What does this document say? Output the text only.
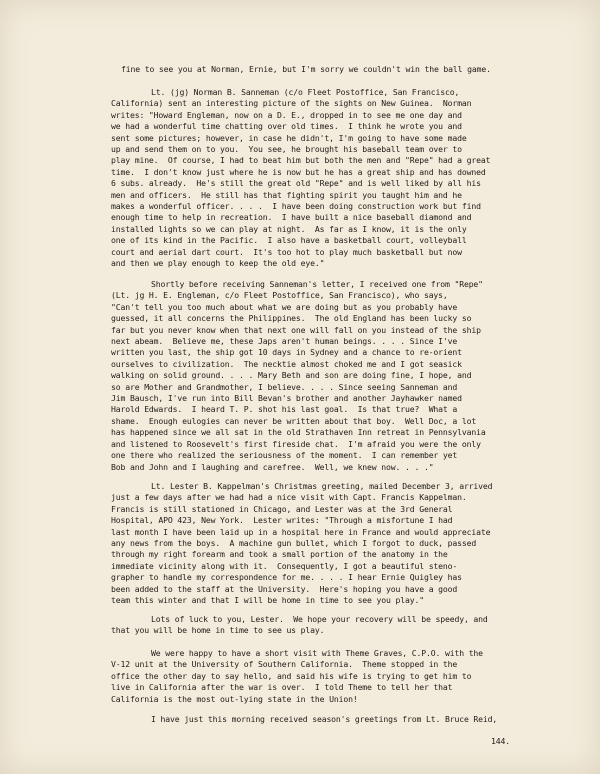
fine to see you at Norman, Ernie, but I'm sorry we couldn't win the ball game.
Lt. (jg) Norman B. Sanneman (c/o Fleet Postoffice, San Francisco,
California) sent an interesting picture of the sights on New Guinea.  Norman
writes: "Howard Engleman, now on a D. E., dropped in to see me one day and
we had a wonderful time chatting over old times.  I think he wrote you and
sent some pictures; however, in case he didn't, I'm going to have some made
up and send them on to you.  You see, he brought his baseball team over to
play mine.  Of course, I had to beat him but both the men and "Repe" had a great
time.  I don't know just where he is now but he has a great ship and has downed
6 subs. already.  He's still the great old "Repe" and is well liked by all his
men and officers.  He still has that fighting spirit you taught him and he
makes a wonderful officer. . . .  I have been doing construction work but find
enough time to help in recreation.  I have built a nice baseball diamond and
installed lights so we can play at night.  As far as I know, it is the only
one of its kind in the Pacific.  I also have a basketball court, volleyball
court and aerial dart court.  It's too hot to play much basketball but now
and then we play enough to keep the old eye."
Shortly before receiving Sanneman's letter, I received one from "Repe"
(Lt. jg H. E. Engleman, c/o Fleet Postoffice, San Francisco), who says,
"Can't tell you too much about what we are doing but as you probably have
guessed, it all concerns the Philippines.  The old England has been lucky so
far but you never know when that next one will fall on you instead of the ship
next abeam.  Believe me, these Japs aren't human beings. . . . Since I've
written you last, the ship got 10 days in Sydney and a chance to re-orient
ourselves to civilization.  The necktie almost choked me and I got seasick
walking on solid ground. . . . Mary Beth and son are doing fine, I hope, and
so are Mother and Grandmother, I believe. . . . Since seeing Sanneman and
Jim Bausch, I've run into Bill Bevan's brother and another Jayhawker named
Harold Edwards.  I heard T. P. shot his last goal.  Is that true?  What a
shame.  Enough eulogies can never be written about that boy.  Well Doc, a lot
has happened since we all sat in the old Strathaven Inn retreat in Pennsylvania
and listened to Roosevelt's first fireside chat.  I'm afraid you were the only
one there who realized the seriousness of the moment.  I can remember yet
Bob and John and I laughing and carefree.  Well, we knew now. . . ."
Lt. Lester B. Kappelman's Christmas greeting, mailed December 3, arrived
just a few days after we had had a nice visit with Capt. Francis Kappelman.
Francis is still stationed in Chicago, and Lester was at the 3rd General
Hospital, APO 423, New York.  Lester writes: "Through a misfortune I had
last month I have been laid up in a hospital here in France and would appreciate
any news from the boys.  A machine gun bullet, which I forgot to duck, passed
through my right forearm and took a small portion of the anatomy in the
immediate vicinity along with it.  Consequently, I got a beautiful steno-
grapher to handle my correspondence for me. . . . I hear Ernie Quigley has
been added to the staff at the University.  Here's hoping you have a good
team this winter and that I will be home in time to see you play."
Lots of luck to you, Lester.  We hope your recovery will be speedy, and
that you will be home in time to see us play.
We were happy to have a short visit with Theme Graves, C.P.O. with the
V-12 unit at the University of Southern California.  Theme stopped in the
office the other day to say hello, and said his wife is trying to get him to
live in California after the war is over.  I told Theme to tell her that
California is the most out-lying state in the Union!
I have just this morning received season's greetings from Lt. Bruce Reid,
144.
